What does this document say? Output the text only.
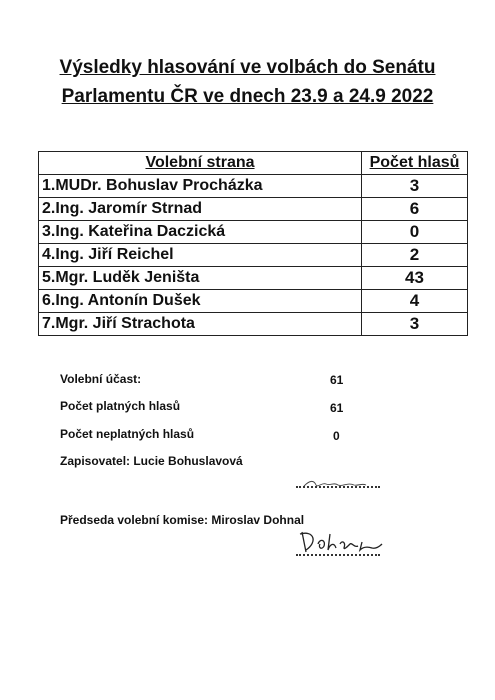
Výsledky hlasování ve volbách do Senátu
Parlamentu ČR ve dnech 23.9 a 24.9 2022
Volební strana	Počet hlasů
1.MUDr. Bohuslav Procházka	3
2.Ing. Jaromír Strnad	6
3.Ing. Kateřina Daczická	0
4.Ing. Jiří Reichel	2
5.Mgr. Luděk Jeništa	43
6.Ing. Antonín Dušek	4
7.Mgr. Jiří Strachota	3
Volební účast:	61
Počet platných hlasů	61
Počet neplatných hlasů	0
Zapisovatel: Lucie Bohuslavová
Předseda volební komise: Miroslav Dohnal
